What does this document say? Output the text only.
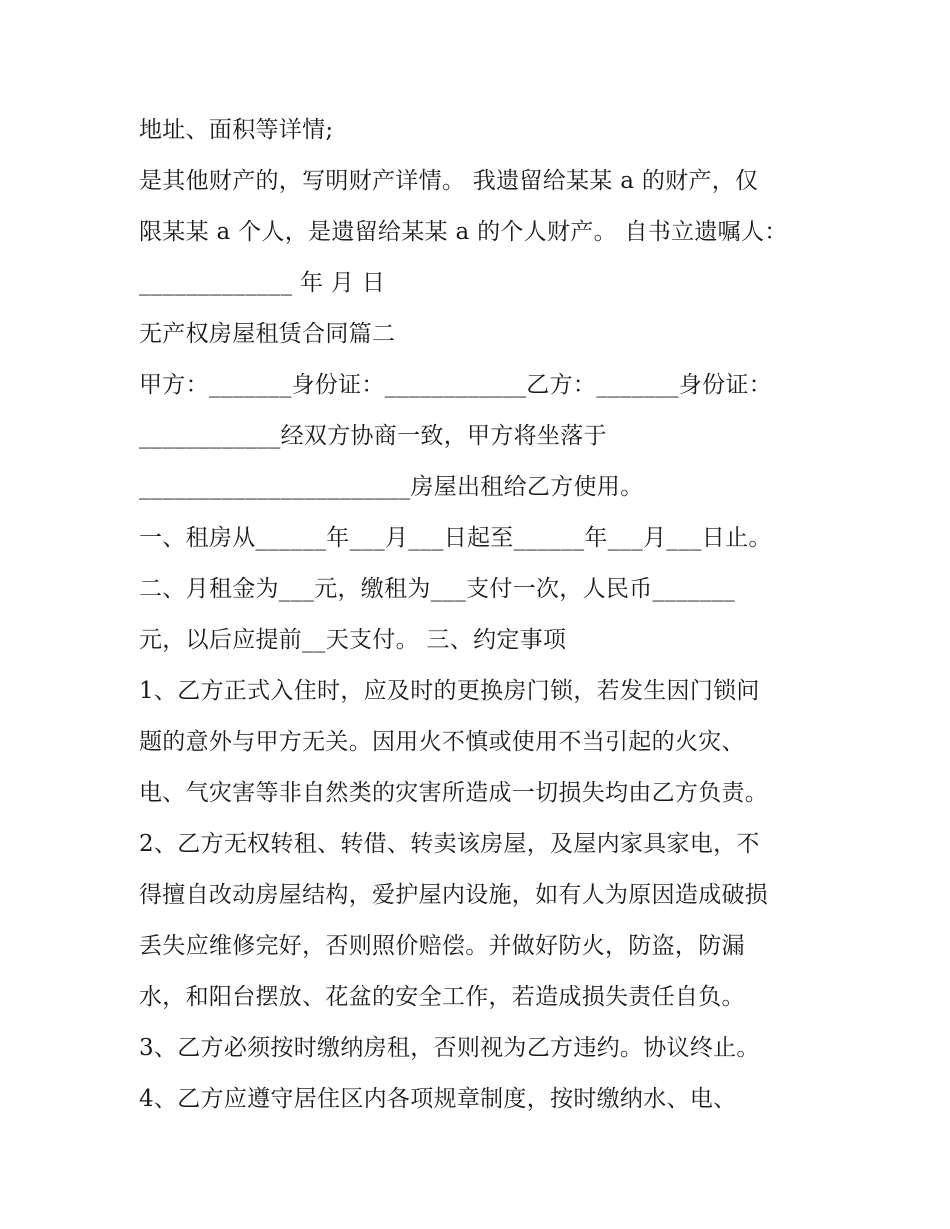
地址、面积等详情;
是其他财产的，写明财产详情。 我遗留给某某 a 的财产，仅
限某某 a 个人，是遗留给某某 a 的个人财产。 自书立遗嘱人：
_____________ 年 月 日
无产权房屋租赁合同篇二
甲方：_______身份证：____________乙方：_______身份证：
____________经双方协商一致，甲方将坐落于
_______________________房屋出租给乙方使用。
一、租房从______年___月___日起至______年___月___日止。
二、月租金为___元，缴租为___支付一次，人民币_______
元，以后应提前__天支付。 三、约定事项
1、乙方正式入住时，应及时的更换房门锁，若发生因门锁问
题的意外与甲方无关。因用火不慎或使用不当引起的火灾、
电、气灾害等非自然类的灾害所造成一切损失均由乙方负责。
2、乙方无权转租、转借、转卖该房屋，及屋内家具家电，不
得擅自改动房屋结构，爱护屋内设施，如有人为原因造成破损
丢失应维修完好，否则照价赔偿。并做好防火，防盗，防漏
水，和阳台摆放、花盆的安全工作，若造成损失责任自负。
3、乙方必须按时缴纳房租，否则视为乙方违约。协议终止。
4、乙方应遵守居住区内各项规章制度，按时缴纳水、电、
